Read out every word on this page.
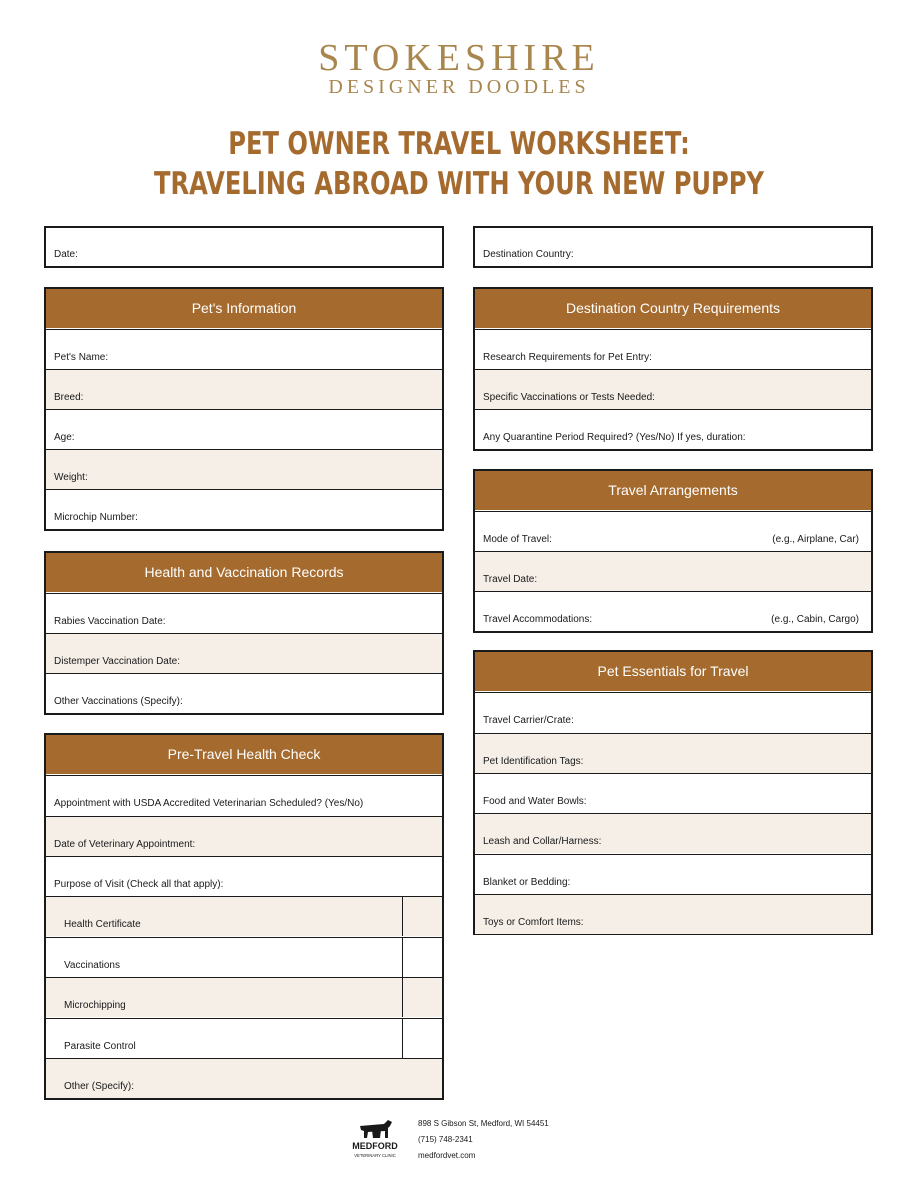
STOKESHIRE
DESIGNER DOODLES
PET OWNER TRAVEL WORKSHEET:
TRAVELING ABROAD WITH YOUR NEW PUPPY
Date:	Destination Country:
Pet's Information
Pet's Name:
Breed:
Age:
Weight:
Microchip Number:
Health and Vaccination Records
Rabies Vaccination Date:
Distemper Vaccination Date:
Other Vaccinations (Specify):
Pre-Travel Health Check
Appointment with USDA Accredited Veterinarian Scheduled? (Yes/No)
Date of Veterinary Appointment:
Purpose of Visit (Check all that apply):
Health Certificate
Vaccinations
Microchipping
Parasite Control
Other (Specify):
Destination Country Requirements
Research Requirements for Pet Entry:
Specific Vaccinations or Tests Needed:
Any Quarantine Period Required? (Yes/No) If yes, duration:
Travel Arrangements
Mode of Travel:	(e.g., Airplane, Car)
Travel Date:
Travel Accommodations:	(e.g., Cabin, Cargo)
Pet Essentials for Travel
Travel Carrier/Crate:
Pet Identification Tags:
Food and Water Bowls:
Leash and Collar/Harness:
Blanket or Bedding:
Toys or Comfort Items:
MEDFORD
VETERINARY CLINIC
898 S Gibson St, Medford, WI 54451
(715) 748-2341
medfordvet.com
